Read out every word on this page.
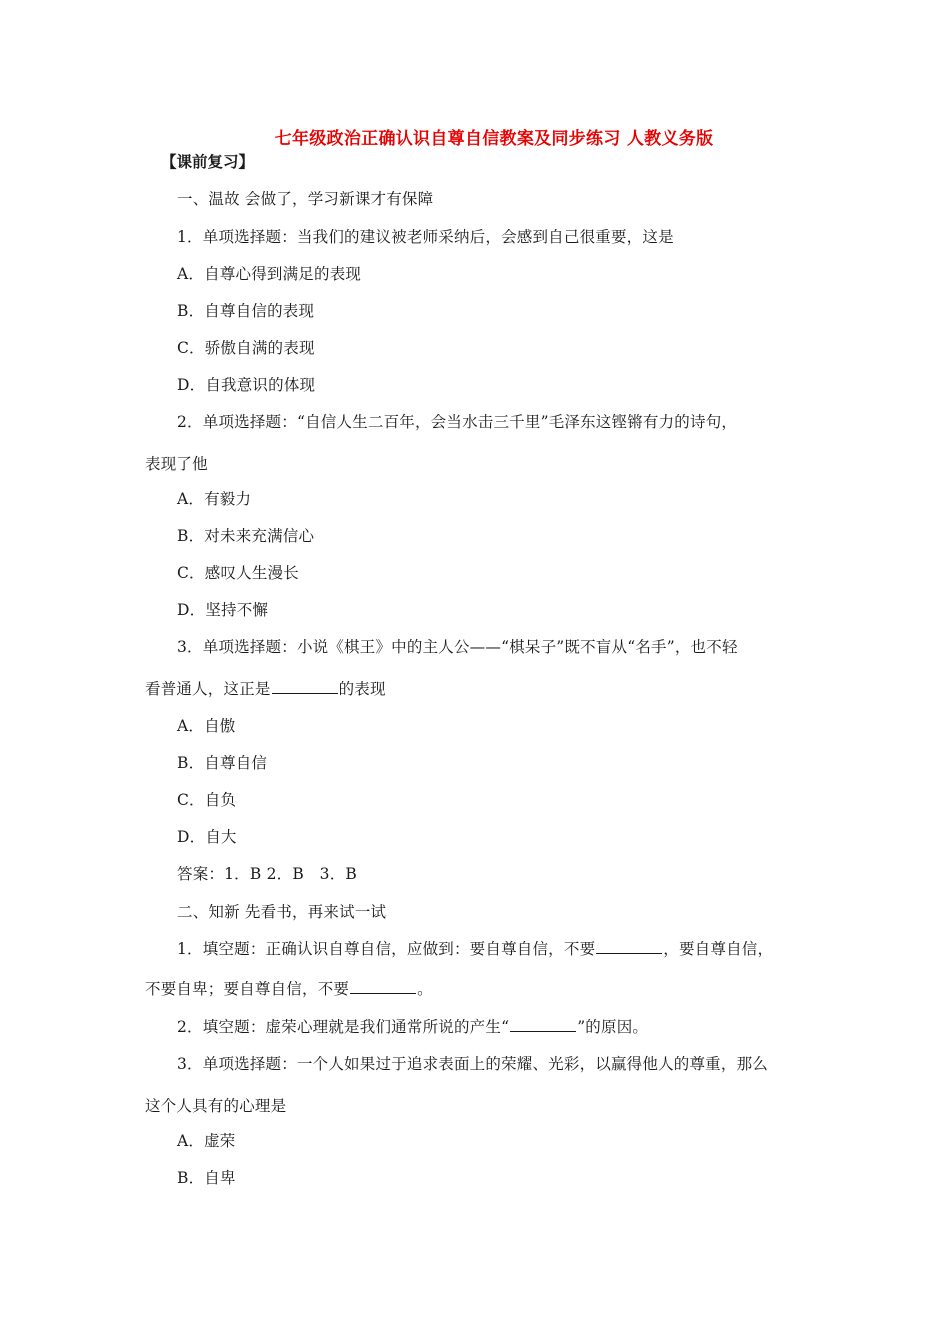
七年级政治正确认识自尊自信教案及同步练习 人教义务版
【课前复习】
一、温故 会做了，学习新课才有保障
1．单项选择题：当我们的建议被老师采纳后，会感到自己很重要，这是
A．自尊心得到满足的表现
B．自尊自信的表现
C．骄傲自满的表现
D．自我意识的体现
2．单项选择题：“自信人生二百年，会当水击三千里”毛泽东这铿锵有力的诗句，
表现了他
A．有毅力
B．对未来充满信心
C．感叹人生漫长
D．坚持不懈
3．单项选择题：小说《棋王》中的主人公——“棋呆子”既不盲从“名手”，也不轻
看普通人，这正是	的表现
A．自傲
B．自尊自信
C．自负
D．自大
答案：1．B 2．B　3．B
二、知新 先看书，再来试一试
1．填空题：正确认识自尊自信，应做到：要自尊自信，不要	，要自尊自信，
不要自卑；要自尊自信，不要	。
2．填空题：虚荣心理就是我们通常所说的产生“	”的原因。
3．单项选择题：一个人如果过于追求表面上的荣耀、光彩，以赢得他人的尊重，那么
这个人具有的心理是
A．虚荣
B．自卑
